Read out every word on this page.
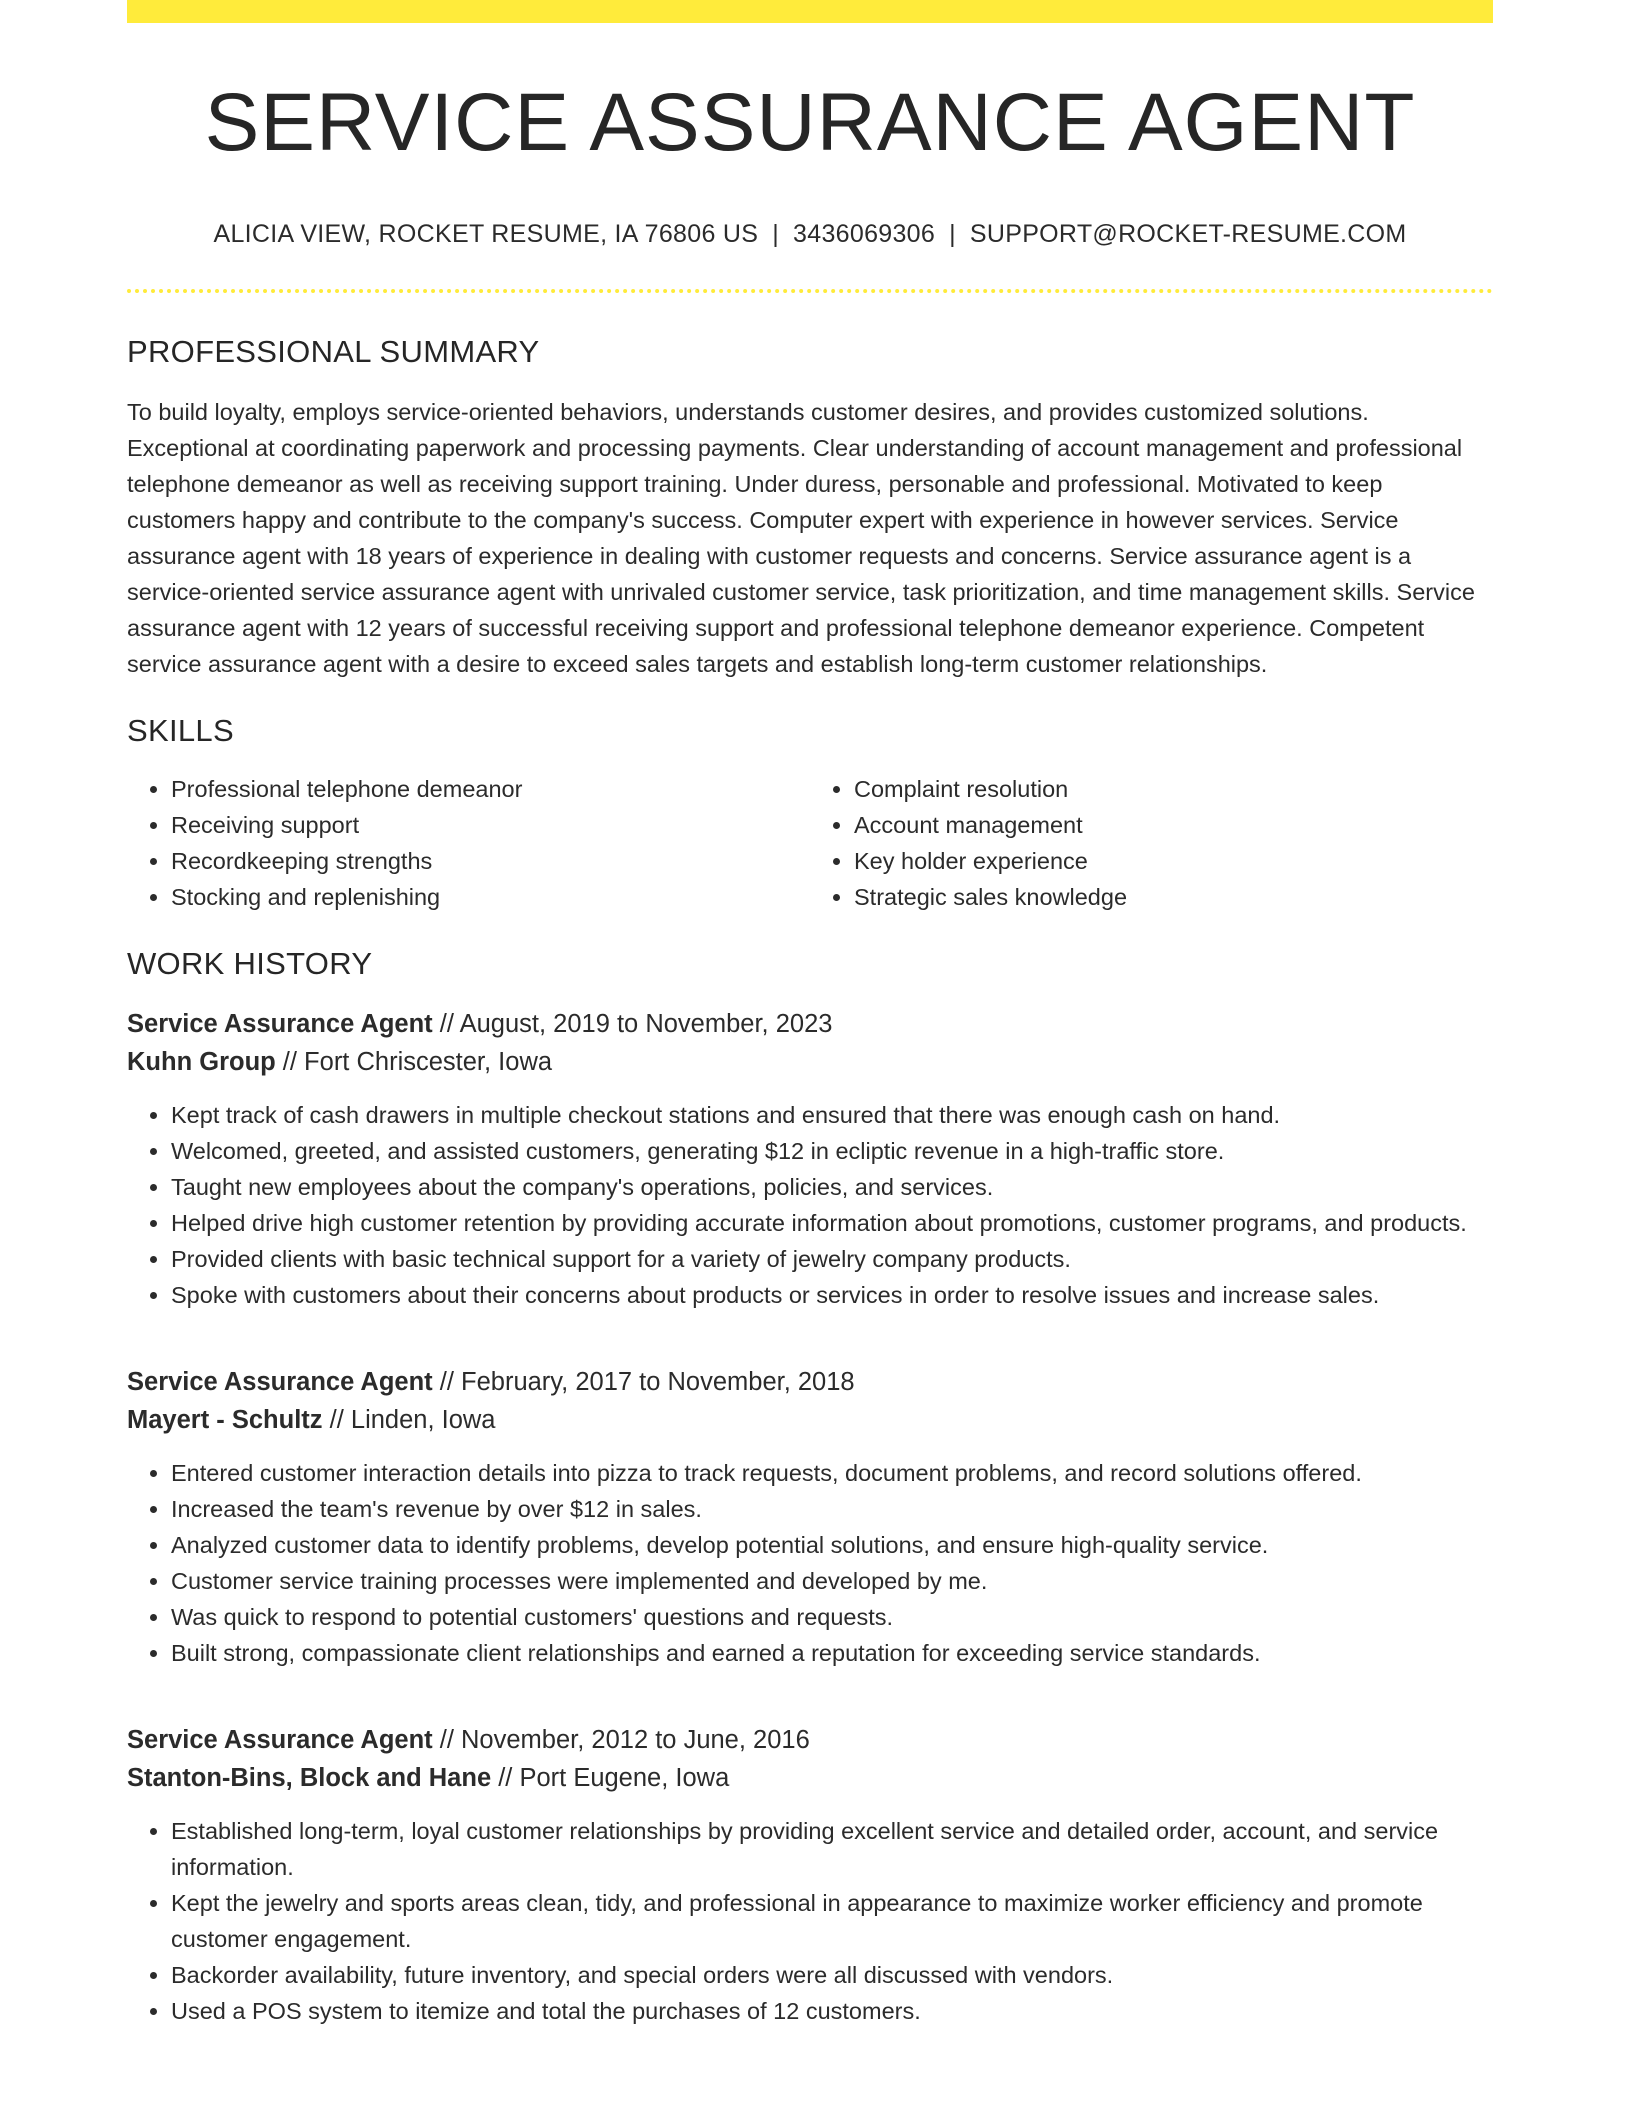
SERVICE ASSURANCE AGENT
ALICIA VIEW, ROCKET RESUME, IA 76806 US | 3436069306 | SUPPORT@ROCKET-RESUME.COM
PROFESSIONAL SUMMARY
To build loyalty, employs service-oriented behaviors, understands customer desires, and provides customized solutions. Exceptional at coordinating paperwork and processing payments. Clear understanding of account management and professional telephone demeanor as well as receiving support training. Under duress, personable and professional. Motivated to keep customers happy and contribute to the company's success. Computer expert with experience in however services. Service assurance agent with 18 years of experience in dealing with customer requests and concerns. Service assurance agent is a service-oriented service assurance agent with unrivaled customer service, task prioritization, and time management skills. Service assurance agent with 12 years of successful receiving support and professional telephone demeanor experience. Competent service assurance agent with a desire to exceed sales targets and establish long-term customer relationships.
SKILLS
• Professional telephone demeanor
• Receiving support
• Recordkeeping strengths
• Stocking and replenishing
• Complaint resolution
• Account management
• Key holder experience
• Strategic sales knowledge
WORK HISTORY
Service Assurance Agent // August, 2019 to November, 2023
Kuhn Group // Fort Chriscester, Iowa
• Kept track of cash drawers in multiple checkout stations and ensured that there was enough cash on hand.
• Welcomed, greeted, and assisted customers, generating $12 in ecliptic revenue in a high-traffic store.
• Taught new employees about the company's operations, policies, and services.
• Helped drive high customer retention by providing accurate information about promotions, customer programs, and products.
• Provided clients with basic technical support for a variety of jewelry company products.
• Spoke with customers about their concerns about products or services in order to resolve issues and increase sales.
Service Assurance Agent // February, 2017 to November, 2018
Mayert - Schultz // Linden, Iowa
• Entered customer interaction details into pizza to track requests, document problems, and record solutions offered.
• Increased the team's revenue by over $12 in sales.
• Analyzed customer data to identify problems, develop potential solutions, and ensure high-quality service.
• Customer service training processes were implemented and developed by me.
• Was quick to respond to potential customers' questions and requests.
• Built strong, compassionate client relationships and earned a reputation for exceeding service standards.
Service Assurance Agent // November, 2012 to June, 2016
Stanton-Bins, Block and Hane // Port Eugene, Iowa
• Established long-term, loyal customer relationships by providing excellent service and detailed order, account, and service information.
• Kept the jewelry and sports areas clean, tidy, and professional in appearance to maximize worker efficiency and promote customer engagement.
• Backorder availability, future inventory, and special orders were all discussed with vendors.
• Used a POS system to itemize and total the purchases of 12 customers.
